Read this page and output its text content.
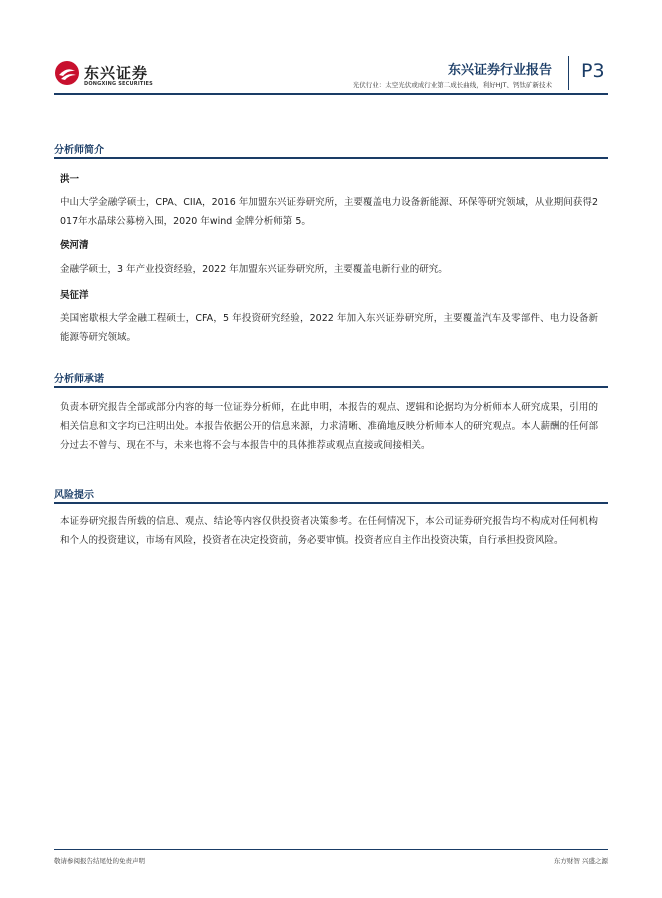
东兴证券
DONGXING SECURITIES
东兴证券行业报告
光伏行业：太空光伏或成行业第二成长曲线，利好HJT、钙钛矿新技术
P3
分析师简介
洪一
中山大学金融学硕士，CPA、CIIA，2016 年加盟东兴证券研究所，主要覆盖电力设备新能源、环保等研究领域，从业期间获得2017年水晶球公募榜入围，2020 年wind 金牌分析师第 5。
侯河清
金融学硕士，3 年产业投资经验，2022 年加盟东兴证券研究所，主要覆盖电新行业的研究。
吴征洋
美国密歇根大学金融工程硕士，CFA，5 年投资研究经验，2022 年加入东兴证券研究所，主要覆盖汽车及零部件、电力设备新能源等研究领域。
分析师承诺
负责本研究报告全部或部分内容的每一位证券分析师，在此申明，本报告的观点、逻辑和论据均为分析师本人研究成果，引用的相关信息和文字均已注明出处。本报告依据公开的信息来源，力求清晰、准确地反映分析师本人的研究观点。本人薪酬的任何部分过去不曾与、现在不与，未来也将不会与本报告中的具体推荐或观点直接或间接相关。
风险提示
本证券研究报告所载的信息、观点、结论等内容仅供投资者决策参考。在任何情况下，本公司证券研究报告均不构成对任何机构和个人的投资建议，市场有风险，投资者在决定投资前，务必要审慎。投资者应自主作出投资决策，自行承担投资风险。
敬请参阅报告结尾处的免责声明	东方财智 兴盛之源
